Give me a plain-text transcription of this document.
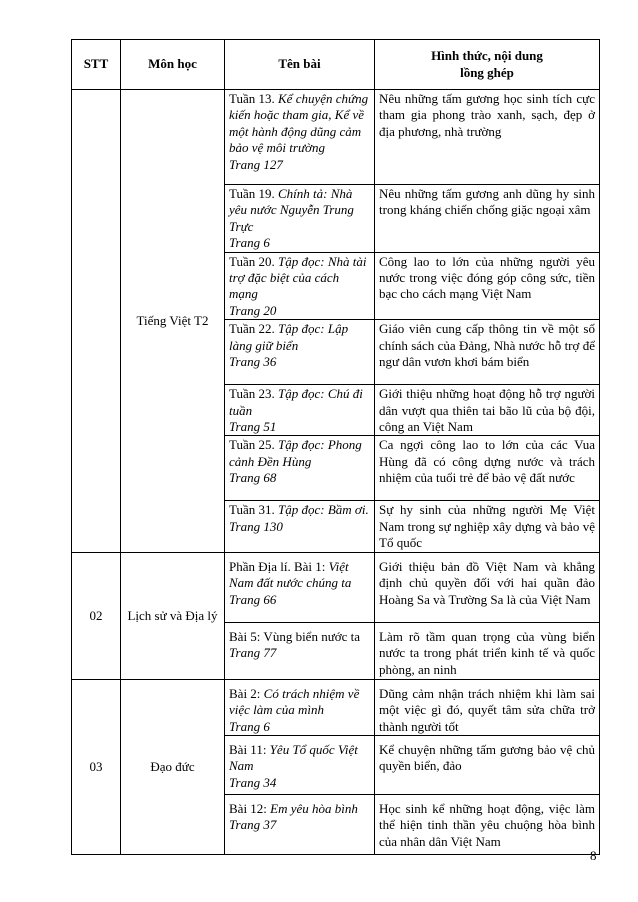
STT	Môn học	Tên bài	Hình thức, nội dung
lồng ghép
	Tiếng Việt T2	Tuần 13. Kể chuyện chứng kiến hoặc tham gia, Kể về một hành động dũng cảm bảo vệ môi trường
Trang 127	Nêu những tấm gương học sinh tích cực tham gia phong trào xanh, sạch, đẹp ở địa phương, nhà trường
		Tuần 19. Chính tả: Nhà yêu nước Nguyễn Trung Trực
Trang 6	Nêu những tấm gương anh dũng hy sinh trong kháng chiến chống giặc ngoại xâm
		Tuần 20. Tập đọc: Nhà tài trợ đặc biệt của cách mạng
Trang 20	Công lao to lớn của những người yêu nước trong việc đóng góp công sức, tiền bạc cho cách mạng Việt Nam
		Tuần 22. Tập đọc: Lập làng giữ biển
Trang 36	Giáo viên cung cấp thông tin về một số chính sách của Đảng, Nhà nước hỗ trợ để ngư dân vươn khơi bám biển
		Tuần 23. Tập đọc: Chú đi tuần
Trang 51	Giới thiệu những hoạt động hỗ trợ người dân vượt qua thiên tai bão lũ của bộ đội, công an Việt Nam
		Tuần 25. Tập đọc: Phong cảnh Đền Hùng
Trang 68	Ca ngợi công lao to lớn của các Vua Hùng đã có công dựng nước và trách nhiệm của tuổi trẻ để bảo vệ đất nước
		Tuần 31. Tập đọc: Bầm ơi. Trang 130	Sự hy sinh của những người Mẹ Việt Nam trong sự nghiệp xây dựng và bảo vệ Tổ quốc
02	Lịch sử và Địa lý	Phần Địa lí. Bài 1: Việt Nam đất nước chúng ta
Trang 66	Giới thiệu bản đồ Việt Nam và khẳng định chủ quyền đối với hai quần đảo Hoàng Sa và Trường Sa là của Việt Nam
		Bài 5: Vùng biển nước ta
Trang 77	Làm rõ tầm quan trọng của vùng biển nước ta trong phát triển kinh tế và quốc phòng, an ninh
03	Đạo đức	Bài 2: Có trách nhiệm về việc làm của mình
Trang 6	Dũng cảm nhận trách nhiệm khi làm sai một việc gì đó, quyết tâm sửa chữa trở thành người tốt
		Bài 11: Yêu Tổ quốc Việt Nam
Trang 34	Kể chuyện những tấm gương bảo vệ chủ quyền biển, đảo
		Bài 12: Em yêu hòa bình
Trang 37	Học sinh kể những hoạt động, việc làm thể hiện tinh thần yêu chuộng hòa bình của nhân dân Việt Nam
8
